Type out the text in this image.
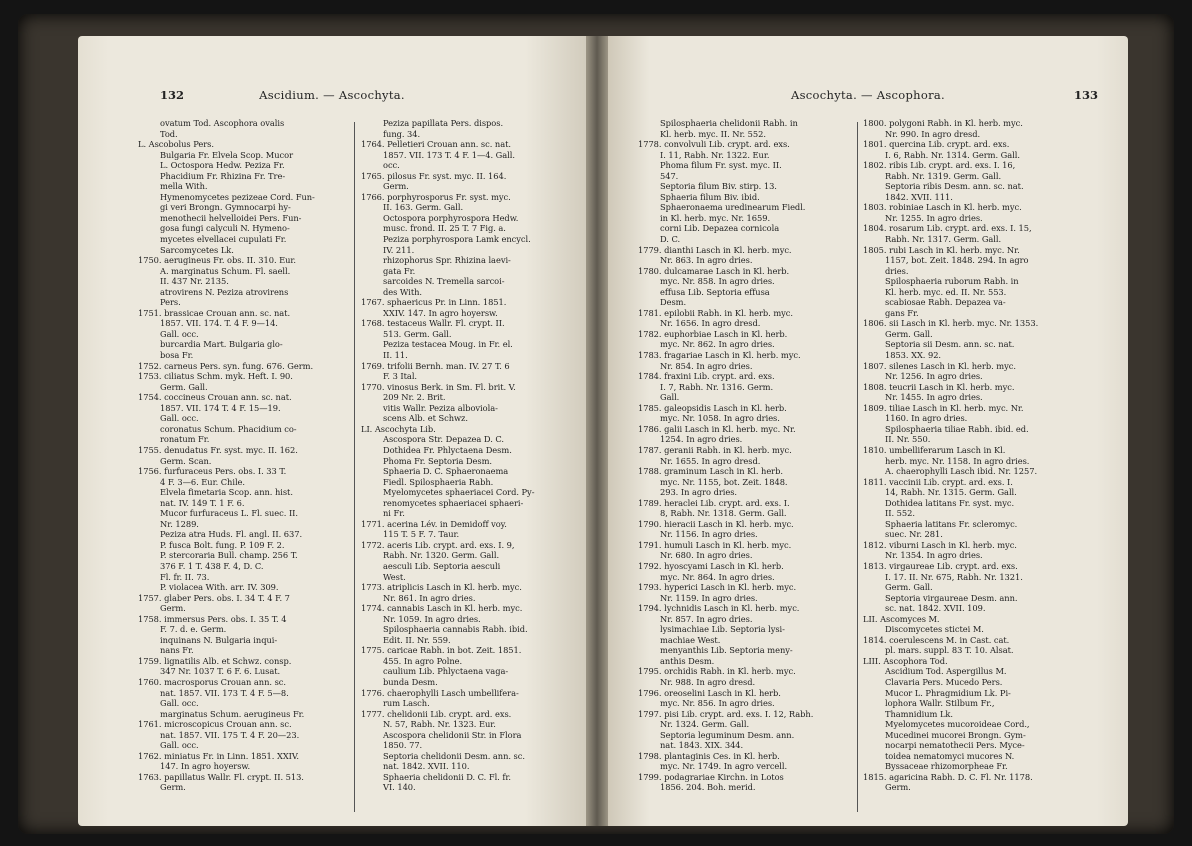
132	Ascidium. — Ascochyta.
ovatum Tod. Ascophora ovalis
Tod.
L. Ascobolus Pers.
Bulgaria Fr. Elvela Scop. Mucor
L. Octospora Hedw. Peziza Fr.
Phacidium Fr. Rhizina Fr. Tre-
mella With.
Hymenomycetes pezizeae Cord. Fun-
gi veri Brongn. Gymnocarpi hy-
menothecii helvelloidei Pers. Fun-
gosa fungi calyculi N. Hymeno-
mycetes elvellacei cupulati Fr.
Sarcomycetes Lk.
1750. aerugineus Fr. obs. II. 310. Eur.
A. marginatus Schum. Fl. saell.
II. 437 Nr. 2135.
atrovirens N. Peziza atrovirens
Pers.
1751. brassicae Crouan ann. sc. nat.
1857. VII. 174. T. 4 F. 9—14.
Gall. occ.
burcardia Mart. Bulgaria glo-
bosa Fr.
1752. carneus Pers. syn. fung. 676. Germ.
1753. ciliatus Schm. myk. Heft. I. 90.
Germ. Gall.
1754. coccineus Crouan ann. sc. nat.
1857. VII. 174 T. 4 F. 15—19.
Gall. occ.
coronatus Schum. Phacidium co-
ronatum Fr.
1755. denudatus Fr. syst. myc. II. 162.
Germ. Scan.
1756. furfuraceus Pers. obs. I. 33 T.
4 F. 3—6. Eur. Chile.
Elvela fimetaria Scop. ann. hist.
nat. IV. 149 T. 1 F. 6.
Mucor furfuraceus L. Fl. suec. II.
Nr. 1289.
Peziza atra Huds. Fl. angl. II. 637.
P. fusca Bolt. fung. P. 109 F. 2.
P. stercoraria Bull. champ. 256 T.
376 F. 1 T. 438 F. 4, D. C.
Fl. fr. II. 73.
P. violacea With. arr. IV. 309.
1757. glaber Pers. obs. I. 34 T. 4 F. 7
Germ.
1758. immersus Pers. obs. I. 35 T. 4
F. 7. d. e. Germ.
inquinans N. Bulgaria inqui-
nans Fr.
1759. lignatilis Alb. et Schwz. consp.
347 Nr. 1037 T. 6 F. 6. Lusat.
1760. macrosporus Crouan ann. sc.
nat. 1857. VII. 173 T. 4 F. 5—8.
Gall. occ.
marginatus Schum. aerugineus Fr.
1761. microscopicus Crouan ann. sc.
nat. 1857. VII. 175 T. 4 F. 20—23.
Gall. occ.
1762. miniatus Fr. in Linn. 1851. XXIV.
147. In agro hoyersw.
1763. papillatus Wallr. Fl. crypt. II. 513.
Germ.
Peziza papillata Pers. dispos.
fung. 34.
1764. Pelletieri Crouan ann. sc. nat.
1857. VII. 173 T. 4 F. 1—4. Gall.
occ.
1765. pilosus Fr. syst. myc. II. 164.
Germ.
1766. porphyrosporus Fr. syst. myc.
II. 163. Germ. Gall.
Octospora porphyrospora Hedw.
musc. frond. II. 25 T. 7 Fig. a.
Peziza porphyrospora Lamk encycl.
IV. 211.
rhizophorus Spr. Rhizina laevi-
gata Fr.
sarcoides N. Tremella sarcoi-
des With.
1767. sphaericus Pr. in Linn. 1851.
XXIV. 147. In agro hoyersw.
1768. testaceus Wallr. Fl. crypt. II.
513. Germ. Gall.
Peziza testacea Moug. in Fr. el.
II. 11.
1769. trifolii Bernh. man. IV. 27 T. 6
F. 3 Ital.
1770. vinosus Berk. in Sm. Fl. brit. V.
209 Nr. 2. Brit.
vitis Wallr. Peziza alboviola-
scens Alb. et Schwz.
LI. Ascochyta Lib.
Ascospora Str. Depazea D. C.
Dothidea Fr. Phlyctaena Desm.
Phoma Fr. Septoria Desm.
Sphaeria D. C. Sphaeronaema
Fiedl. Spilosphaeria Rabh.
Myelomycetes sphaeriacei Cord. Py-
renomycetes sphaeriacei sphaeri-
ni Fr.
1771. acerina Lév. in Demidoff voy.
115 T. 5 F. 7. Taur.
1772. aceris Lib. crypt. ard. exs. I. 9,
Rabh. Nr. 1320. Germ. Gall.
aesculi Lib. Septoria aesculi
West.
1773. atriplicis Lasch in Kl. herb. myc.
Nr. 861. In agro dries.
1774. cannabis Lasch in Kl. herb. myc.
Nr. 1059. In agro dries.
Spilosphaeria cannabis Rabh. ibid.
Edit. II. Nr. 559.
1775. caricae Rabh. in bot. Zeit. 1851.
455. In agro Polne.
caulium Lib. Phlyctaena vaga-
bunda Desm.
1776. chaerophylli Lasch umbellifera-
rum Lasch.
1777. chelidonii Lib. crypt. ard. exs.
N. 57, Rabh. Nr. 1323. Eur.
Ascospora chelidonii Str. in Flora
1850. 77.
Septoria chelidonii Desm. ann. sc.
nat. 1842. XVII. 110.
Sphaeria chelidonii D. C. Fl. fr.
VI. 140.
Ascochyta. — Ascophora.	133
Spilosphaeria chelidonii Rabh. in
Kl. herb. myc. II. Nr. 552.
1778. convolvuli Lib. crypt. ard. exs.
I. 11, Rabh. Nr. 1322. Eur.
Phoma filum Fr. syst. myc. II.
547.
Septoria filum Biv. stirp. 13.
Sphaeria filum Biv. ibid.
Sphaeronaema uredinearum Fiedl.
in Kl. herb. myc. Nr. 1659.
corni Lib. Depazea cornicola
D. C.
1779. dianthi Lasch in Kl. herb. myc.
Nr. 863. In agro dries.
1780. dulcamarae Lasch in Kl. herb.
myc. Nr. 858. In agro dries.
effusa Lib. Septoria effusa
Desm.
1781. epilobii Rabh. in Kl. herb. myc.
Nr. 1656. In agro dresd.
1782. euphorbiae Lasch in Kl. herb.
myc. Nr. 862. In agro dries.
1783. fragariae Lasch in Kl. herb. myc.
Nr. 854. In agro dries.
1784. fraxini Lib. crypt. ard. exs.
I. 7, Rabh. Nr. 1316. Germ.
Gall.
1785. galeopsidis Lasch in Kl. herb.
myc. Nr. 1058. In agro dries.
1786. galii Lasch in Kl. herb. myc. Nr.
1254. In agro dries.
1787. geranii Rabh. in Kl. herb. myc.
Nr. 1655. In agro dresd.
1788. graminum Lasch in Kl. herb.
myc. Nr. 1155, bot. Zeit. 1848.
293. In agro dries.
1789. heraclei Lib. crypt. ard. exs. I.
8, Rabh. Nr. 1318. Germ. Gall.
1790. hieracii Lasch in Kl. herb. myc.
Nr. 1156. In agro dries.
1791. humuli Lasch in Kl. herb. myc.
Nr. 680. In agro dries.
1792. hyoscyami Lasch in Kl. herb.
myc. Nr. 864. In agro dries.
1793. hyperici Lasch in Kl. herb. myc.
Nr. 1159. In agro dries.
1794. lychnidis Lasch in Kl. herb. myc.
Nr. 857. In agro dries.
lysimachiae Lib. Septoria lysi-
machiae West.
menyanthis Lib. Septoria meny-
anthis Desm.
1795. orchidis Rabh. in Kl. herb. myc.
Nr. 988. In agro dresd.
1796. oreoselini Lasch in Kl. herb.
myc. Nr. 856. In agro dries.
1797. pisi Lib. crypt. ard. exs. I. 12, Rabh.
Nr. 1324. Germ. Gall.
Septoria leguminum Desm. ann.
nat. 1843. XIX. 344.
1798. plantaginis Ces. in Kl. herb.
myc. Nr. 1749. In agro vercell.
1799. podagrariae Kirchn. in Lotos
1856. 204. Boh. merid.
1800. polygoni Rabh. in Kl. herb. myc.
Nr. 990. In agro dresd.
1801. quercina Lib. crypt. ard. exs.
I. 6, Rabh. Nr. 1314. Germ. Gall.
1802. ribis Lib. crypt. ard. exs. I. 16,
Rabh. Nr. 1319. Germ. Gall.
Septoria ribis Desm. ann. sc. nat.
1842. XVII. 111.
1803. robiniae Lasch in Kl. herb. myc.
Nr. 1255. In agro dries.
1804. rosarum Lib. crypt. ard. exs. I. 15,
Rabh. Nr. 1317. Germ. Gall.
1805. rubi Lasch in Kl. herb. myc. Nr.
1157, bot. Zeit. 1848. 294. In agro
dries.
Spilosphaeria ruborum Rabh. in
Kl. herb. myc. ed. II. Nr. 553.
scabiosae Rabh. Depazea va-
gans Fr.
1806. sii Lasch in Kl. herb. myc. Nr. 1353.
Germ. Gall.
Septoria sii Desm. ann. sc. nat.
1853. XX. 92.
1807. silenes Lasch in Kl. herb. myc.
Nr. 1256. In agro dries.
1808. teucrii Lasch in Kl. herb. myc.
Nr. 1455. In agro dries.
1809. tiliae Lasch in Kl. herb. myc. Nr.
1160. In agro dries.
Spilosphaeria tiliae Rabh. ibid. ed.
II. Nr. 550.
1810. umbelliferarum Lasch in Kl.
herb. myc. Nr. 1158. In agro dries.
A. chaerophylli Lasch ibid. Nr. 1257.
1811. vaccinii Lib. crypt. ard. exs. I.
14, Rabh. Nr. 1315. Germ. Gall.
Dothidea latitans Fr. syst. myc.
II. 552.
Sphaeria latitans Fr. scleromyc.
suec. Nr. 281.
1812. viburni Lasch in Kl. herb. myc.
Nr. 1354. In agro dries.
1813. virgaureae Lib. crypt. ard. exs.
I. 17. II. Nr. 675, Rabh. Nr. 1321.
Germ. Gall.
Septoria virgaureae Desm. ann.
sc. nat. 1842. XVII. 109.
LII. Ascomyces M.
Discomycetes stictei M.
1814. coerulescens M. in Cast. cat.
pl. mars. suppl. 83 T. 10. Alsat.
LIII. Ascophora Tod.
Ascidium Tod. Aspergillus M.
Clavaria Pers. Mucedo Pers.
Mucor L. Phragmidium Lk. Pi-
lophora Wallr. Stilbum Fr.,
Thamnidium Lk.
Myelomycetes mucoroideae Cord.,
Mucedinei mucorei Brongn. Gym-
nocarpi nematothecii Pers. Myce-
toidea nematomyci mucores N.
Byssaceae rhizomorpheae Fr.
1815. agaricina Rabh. D. C. Fl. Nr. 1178.
Germ.
